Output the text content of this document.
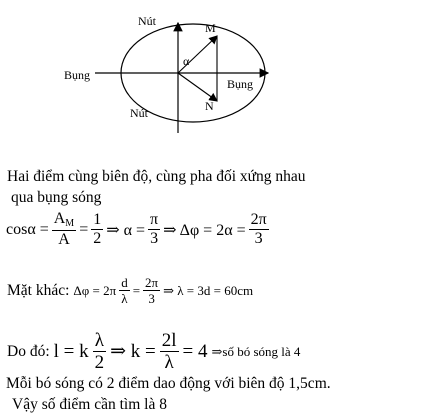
Nút
Nút
Bụng
Bụng
M
N
α
Hai điểm cùng biên độ, cùng pha đối xứng nhau
qua bụng sóng
$\cos\alpha = \frac{A_M}{A} = \frac{1}{2}$ ⇒ $\alpha = \frac{\pi}{3}$ ⇒ $\Delta\varphi = 2\alpha = \frac{2\pi}{3}$
Mặt khác: $\Delta\varphi = 2\pi \frac{d}{\lambda} = \frac{2\pi}{3}$ ⇒ λ = 3d = 60cm
Do đó: l = k $\frac{\lambda}{2}$ ⇒ $k = \frac{2l}{\lambda} = 4$ ⇒số bó sóng là 4
Mỗi bó sóng có 2 điểm dao động với biên độ 1,5cm.
Vậy số điểm cần tìm là 8
